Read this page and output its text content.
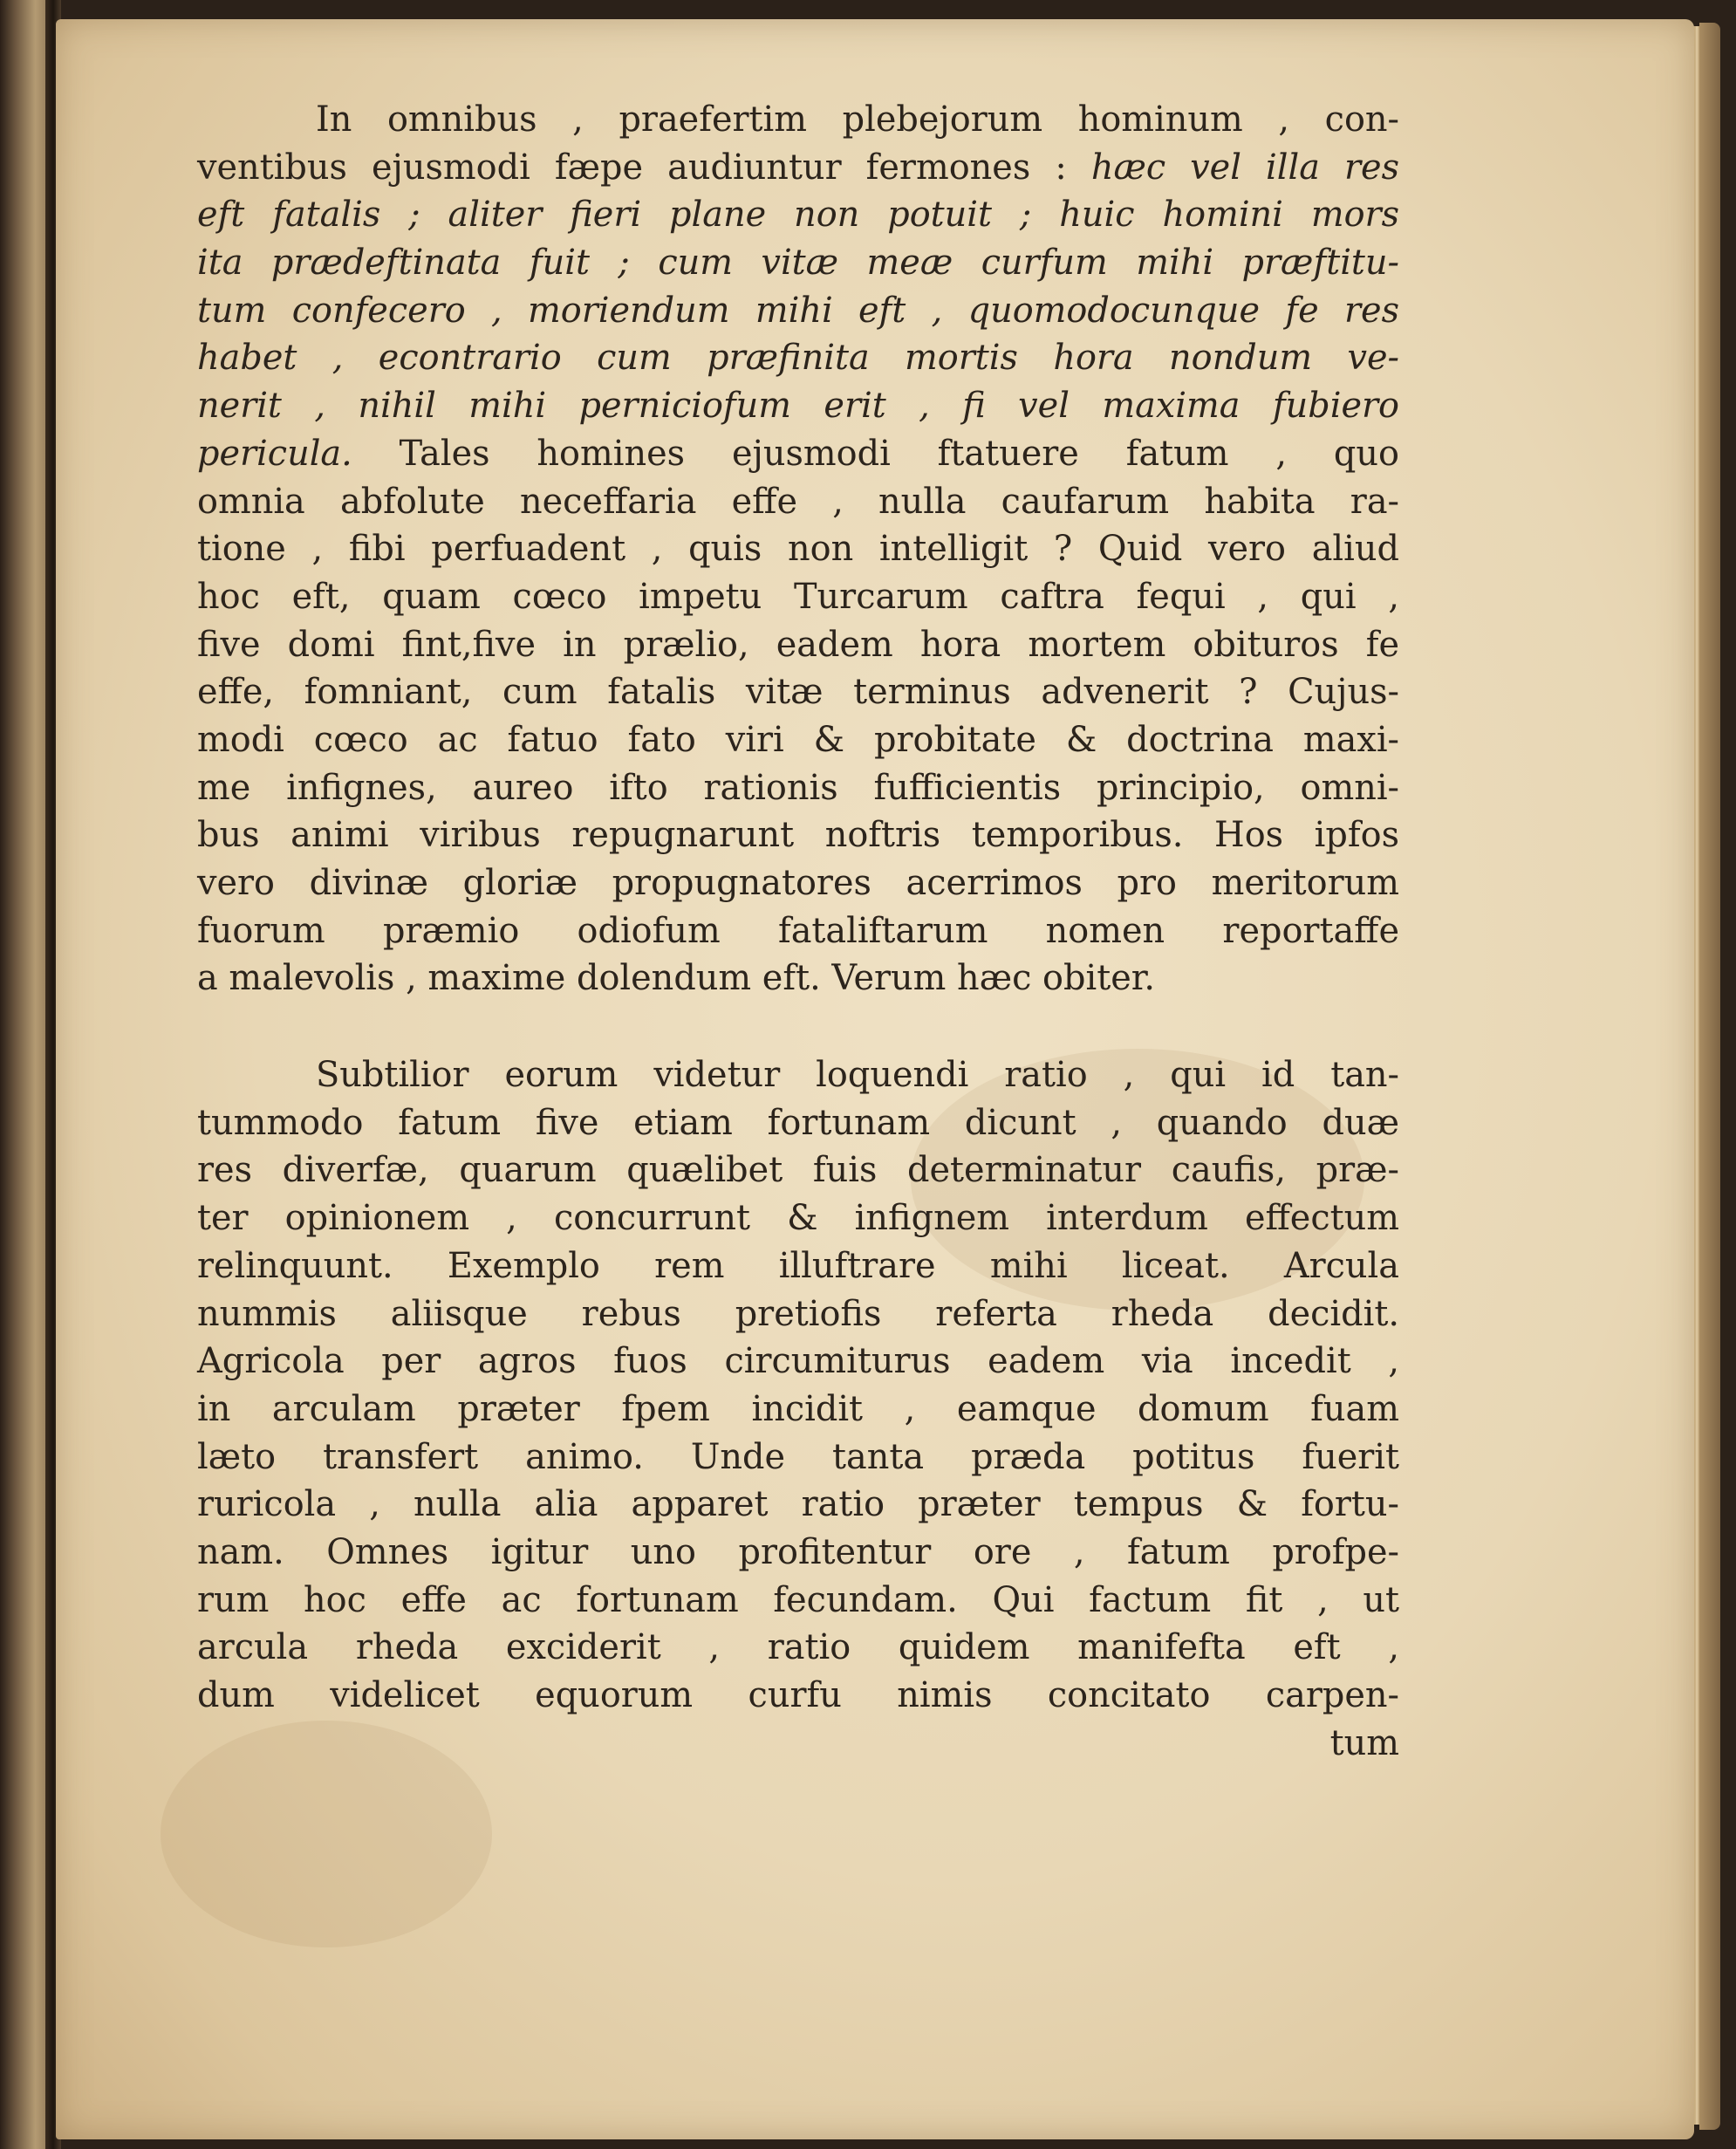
In omnibus , praefertim plebejorum hominum , con-
ventibus ejusmodi fæpe audiuntur fermones : hæc vel illa res
eft fatalis ; aliter fieri plane non potuit ; huic homini mors
ita prædeftinata fuit ; cum vitæ meæ curfum mihi præftitu-
tum confecero , moriendum mihi eft , quomodocunque fe res
habet , econtrario cum præfinita mortis hora nondum ve-
nerit , nihil mihi perniciofum erit , fi vel maxima fubiero
pericula. Tales homines ejusmodi ftatuere fatum , quo
omnia abfolute neceffaria effe , nulla caufarum habita ra-
tione , fibi perfuadent , quis non intelligit ? Quid vero aliud
hoc eft, quam cœco impetu Turcarum caftra fequi , qui ,
five domi fint,five in prælio, eadem hora mortem obituros fe
effe, fomniant, cum fatalis vitæ terminus advenerit ? Cujus-
modi cœco ac fatuo fato viri & probitate & doctrina maxi-
me infignes, aureo ifto rationis fufficientis principio, omni-
bus animi viribus repugnarunt noftris temporibus. Hos ipfos
vero divinæ gloriæ propugnatores acerrimos pro meritorum
fuorum præmio odiofum fataliftarum nomen reportaffe
a malevolis , maxime dolendum eft. Verum hæc obiter.
Subtilior eorum videtur loquendi ratio , qui id tan-
tummodo fatum five etiam fortunam dicunt , quando duæ
res diverfæ, quarum quælibet fuis determinatur caufis, præ-
ter opinionem , concurrunt & infignem interdum effectum
relinquunt. Exemplo rem illuftrare mihi liceat. Arcula
nummis aliisque rebus pretiofis referta rheda decidit.
Agricola per agros fuos circumiturus eadem via incedit ,
in arculam præter fpem incidit , eamque domum fuam
læto transfert animo. Unde tanta præda potitus fuerit
ruricola , nulla alia apparet ratio præter tempus & fortu-
nam. Omnes igitur uno profitentur ore , fatum profpe-
rum hoc effe ac fortunam fecundam. Qui factum fit , ut
arcula rheda exciderit , ratio quidem manifefta eft ,
dum videlicet equorum curfu nimis concitato carpen-
tum
